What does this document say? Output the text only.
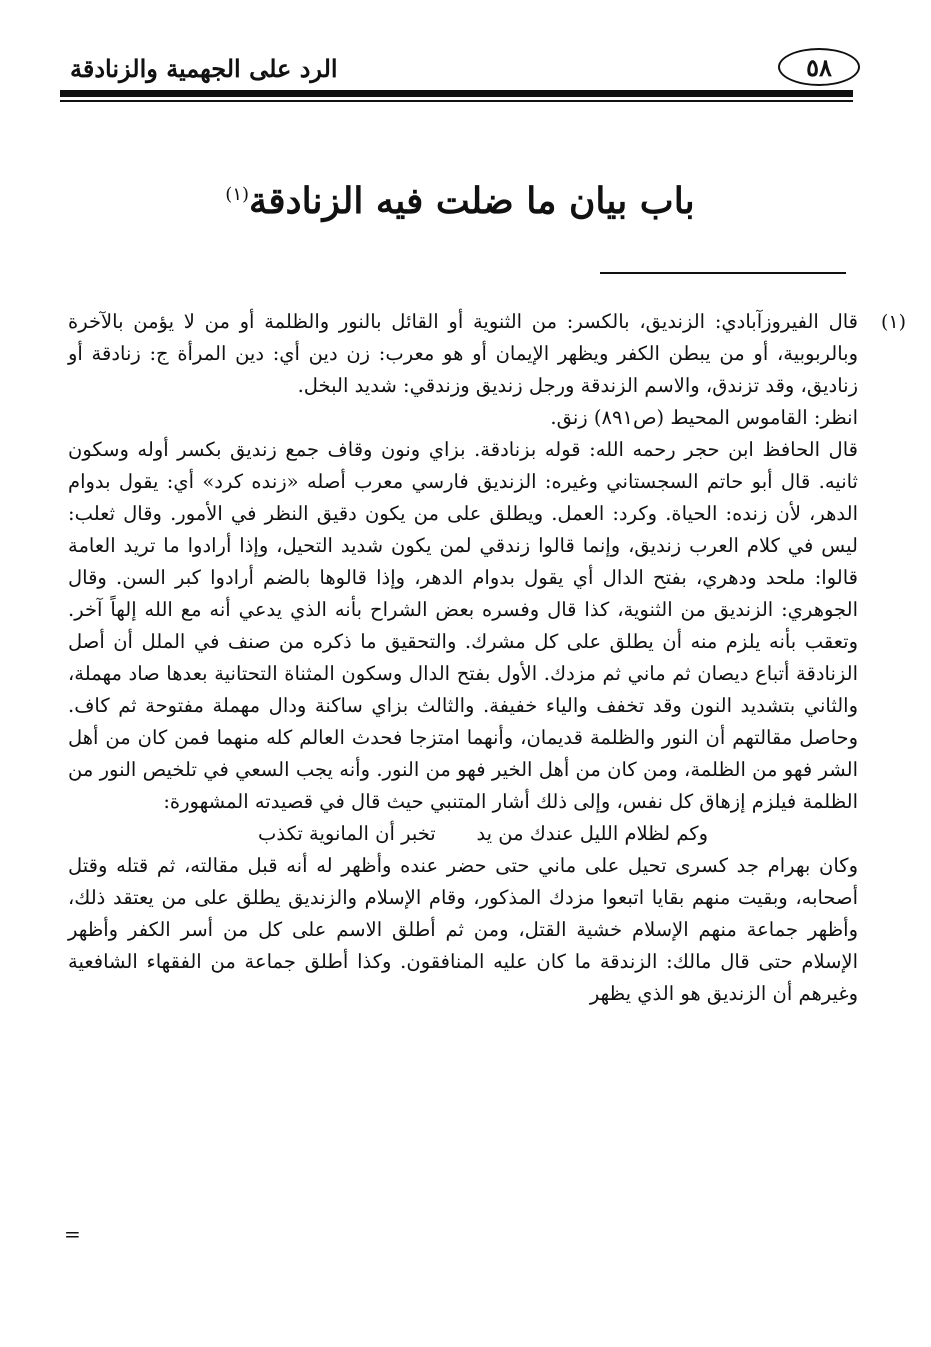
٥٨
الرد على الجهمية والزنادقة
باب بيان ما ضلت فيه الزنادقة$^{(١)}$
(١)

قال الفيروزآبادي: الزنديق، بالكسر: من الثنوية أو القائل بالنور والظلمة أو من لا يؤمن بالآخرة وبالربوبية، أو من يبطن الكفر ويظهر الإيمان أو هو معرب: زن دين أي: دين المرأة ج: زنادقة أو زناديق، وقد تزندق، والاسم الزندقة ورجل زنديق وزندقي: شديد البخل.

انظر: القاموس المحيط (ص٨٩١) زنق.

قال الحافظ ابن حجر رحمه الله: قوله بزنادقة. بزاي ونون وقاف جمع زنديق بكسر أوله وسكون ثانيه. قال أبو حاتم السجستاني وغيره: الزنديق فارسي معرب أصله «زنده كرد» أي: يقول بدوام الدهر، لأن زنده: الحياة. وكرد: العمل. ويطلق على من يكون دقيق النظر في الأمور. وقال ثعلب: ليس في كلام العرب زنديق، وإنما قالوا زندقي لمن يكون شديد التحيل، وإذا أرادوا ما تريد العامة قالوا: ملحد ودهري، بفتح الدال أي يقول بدوام الدهر، وإذا قالوها بالضم أرادوا كبر السن. وقال الجوهري: الزنديق من الثنوية، كذا قال وفسره بعض الشراح بأنه الذي يدعي أنه مع الله إلهاً آخر. وتعقب بأنه يلزم منه أن يطلق على كل مشرك. والتحقيق ما ذكره من صنف في الملل أن أصل الزنادقة أتباع ديصان ثم ماني ثم مزدك. الأول بفتح الدال وسكون المثناة التحتانية بعدها صاد مهملة، والثاني بتشديد النون وقد تخفف والياء خفيفة. والثالث بزاي ساكنة ودال مهملة مفتوحة ثم كاف. وحاصل مقالتهم أن النور والظلمة قديمان، وأنهما امتزجا فحدث العالم كله منهما فمن كان من أهل الشر فهو من الظلمة، ومن كان من أهل الخير فهو من النور. وأنه يجب السعي في تلخيص النور من الظلمة فيلزم إزهاق كل نفس، وإلى ذلك أشار المتنبي حيث قال في قصيدته المشهورة:

وكم لظلام الليل عندك من يد
تخبر أن المانوية تكذب

وكان بهرام جد كسرى تحيل على ماني حتى حضر عنده وأظهر له أنه قبل مقالته، ثم قتله وقتل أصحابه، وبقيت منهم بقايا اتبعوا مزدك المذكور، وقام الإسلام والزنديق يطلق على من يعتقد ذلك، وأظهر جماعة منهم الإسلام خشية القتل، ومن ثم أطلق الاسم على كل من أسر الكفر وأظهر الإسلام حتى قال مالك: الزندقة ما كان عليه المنافقون. وكذا أطلق جماعة من الفقهاء الشافعية وغيرهم أن الزنديق هو الذي يظهر

=
